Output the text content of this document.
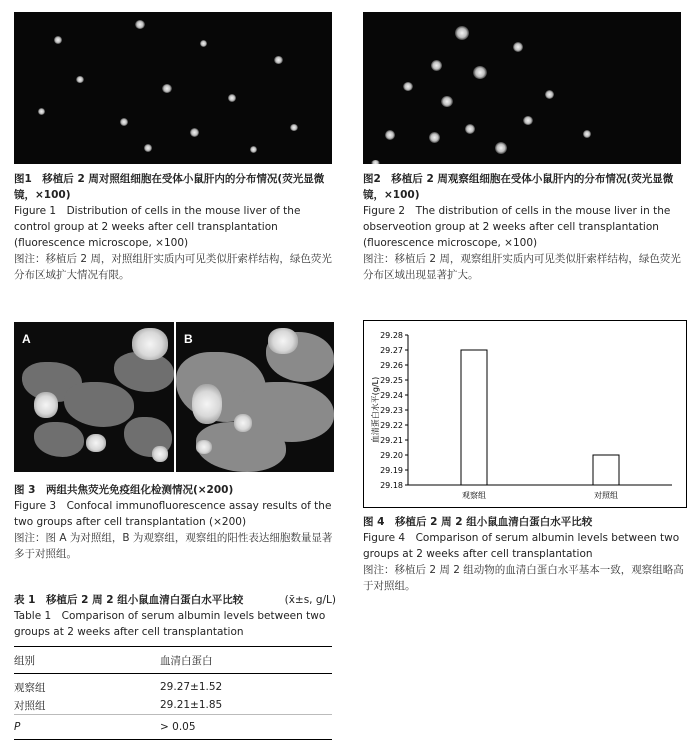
图1　移植后 2 周对照组细胞在受体小鼠肝内的分布情况(荧光显微镜，×100)

Figure 1　Distribution of cells in the mouse liver of the control group at 2 weeks after cell transplantation (fluorescence microscope, ×100)

图注：移植后 2 周，对照组肝实质内可见类似肝索样结构，绿色荧光分布区域扩大情况有限。

图2　移植后 2 周观察组细胞在受体小鼠肝内的分布情况(荧光显微镜，×100)

Figure 2　The distribution of cells in the mouse liver in the observeotion group at 2 weeks after cell transplantation (fluorescence microscope, ×100)

图注：移植后 2 周，观察组肝实质内可见类似肝索样结构，绿色荧光分布区域出现显著扩大。

A	B

图 3　两组共焦荧光免疫组化检测情况(×200)

Figure 3　Confocal immunofluorescence assay results of the two groups after cell transplantation (×200)

图注：图 A 为对照组，B 为观察组，观察组的阳性表达细胞数量显著多于对照组。

表 1　移植后 2 周 2 组小鼠血清白蛋白水平比较	(x̄±s, g/L)

Table 1　Comparison of serum albumin levels between two groups at 2 weeks after cell transplantation

组别	血清白蛋白
观察组	29.27±1.52
对照组	29.21±1.85
P	> 0.05
29.18
29.19
29.20
29.21
29.22
29.23
29.24
29.25
29.26
29.27
29.28
血清蛋白水平(g/L)
观察组	对照组

图 4　移植后 2 周 2 组小鼠血清白蛋白水平比较

Figure 4　Comparison of serum albumin levels between two groups at 2 weeks after cell transplantation

图注：移植后 2 周 2 组动物的血清白蛋白水平基本一致，观察组略高于对照组。
